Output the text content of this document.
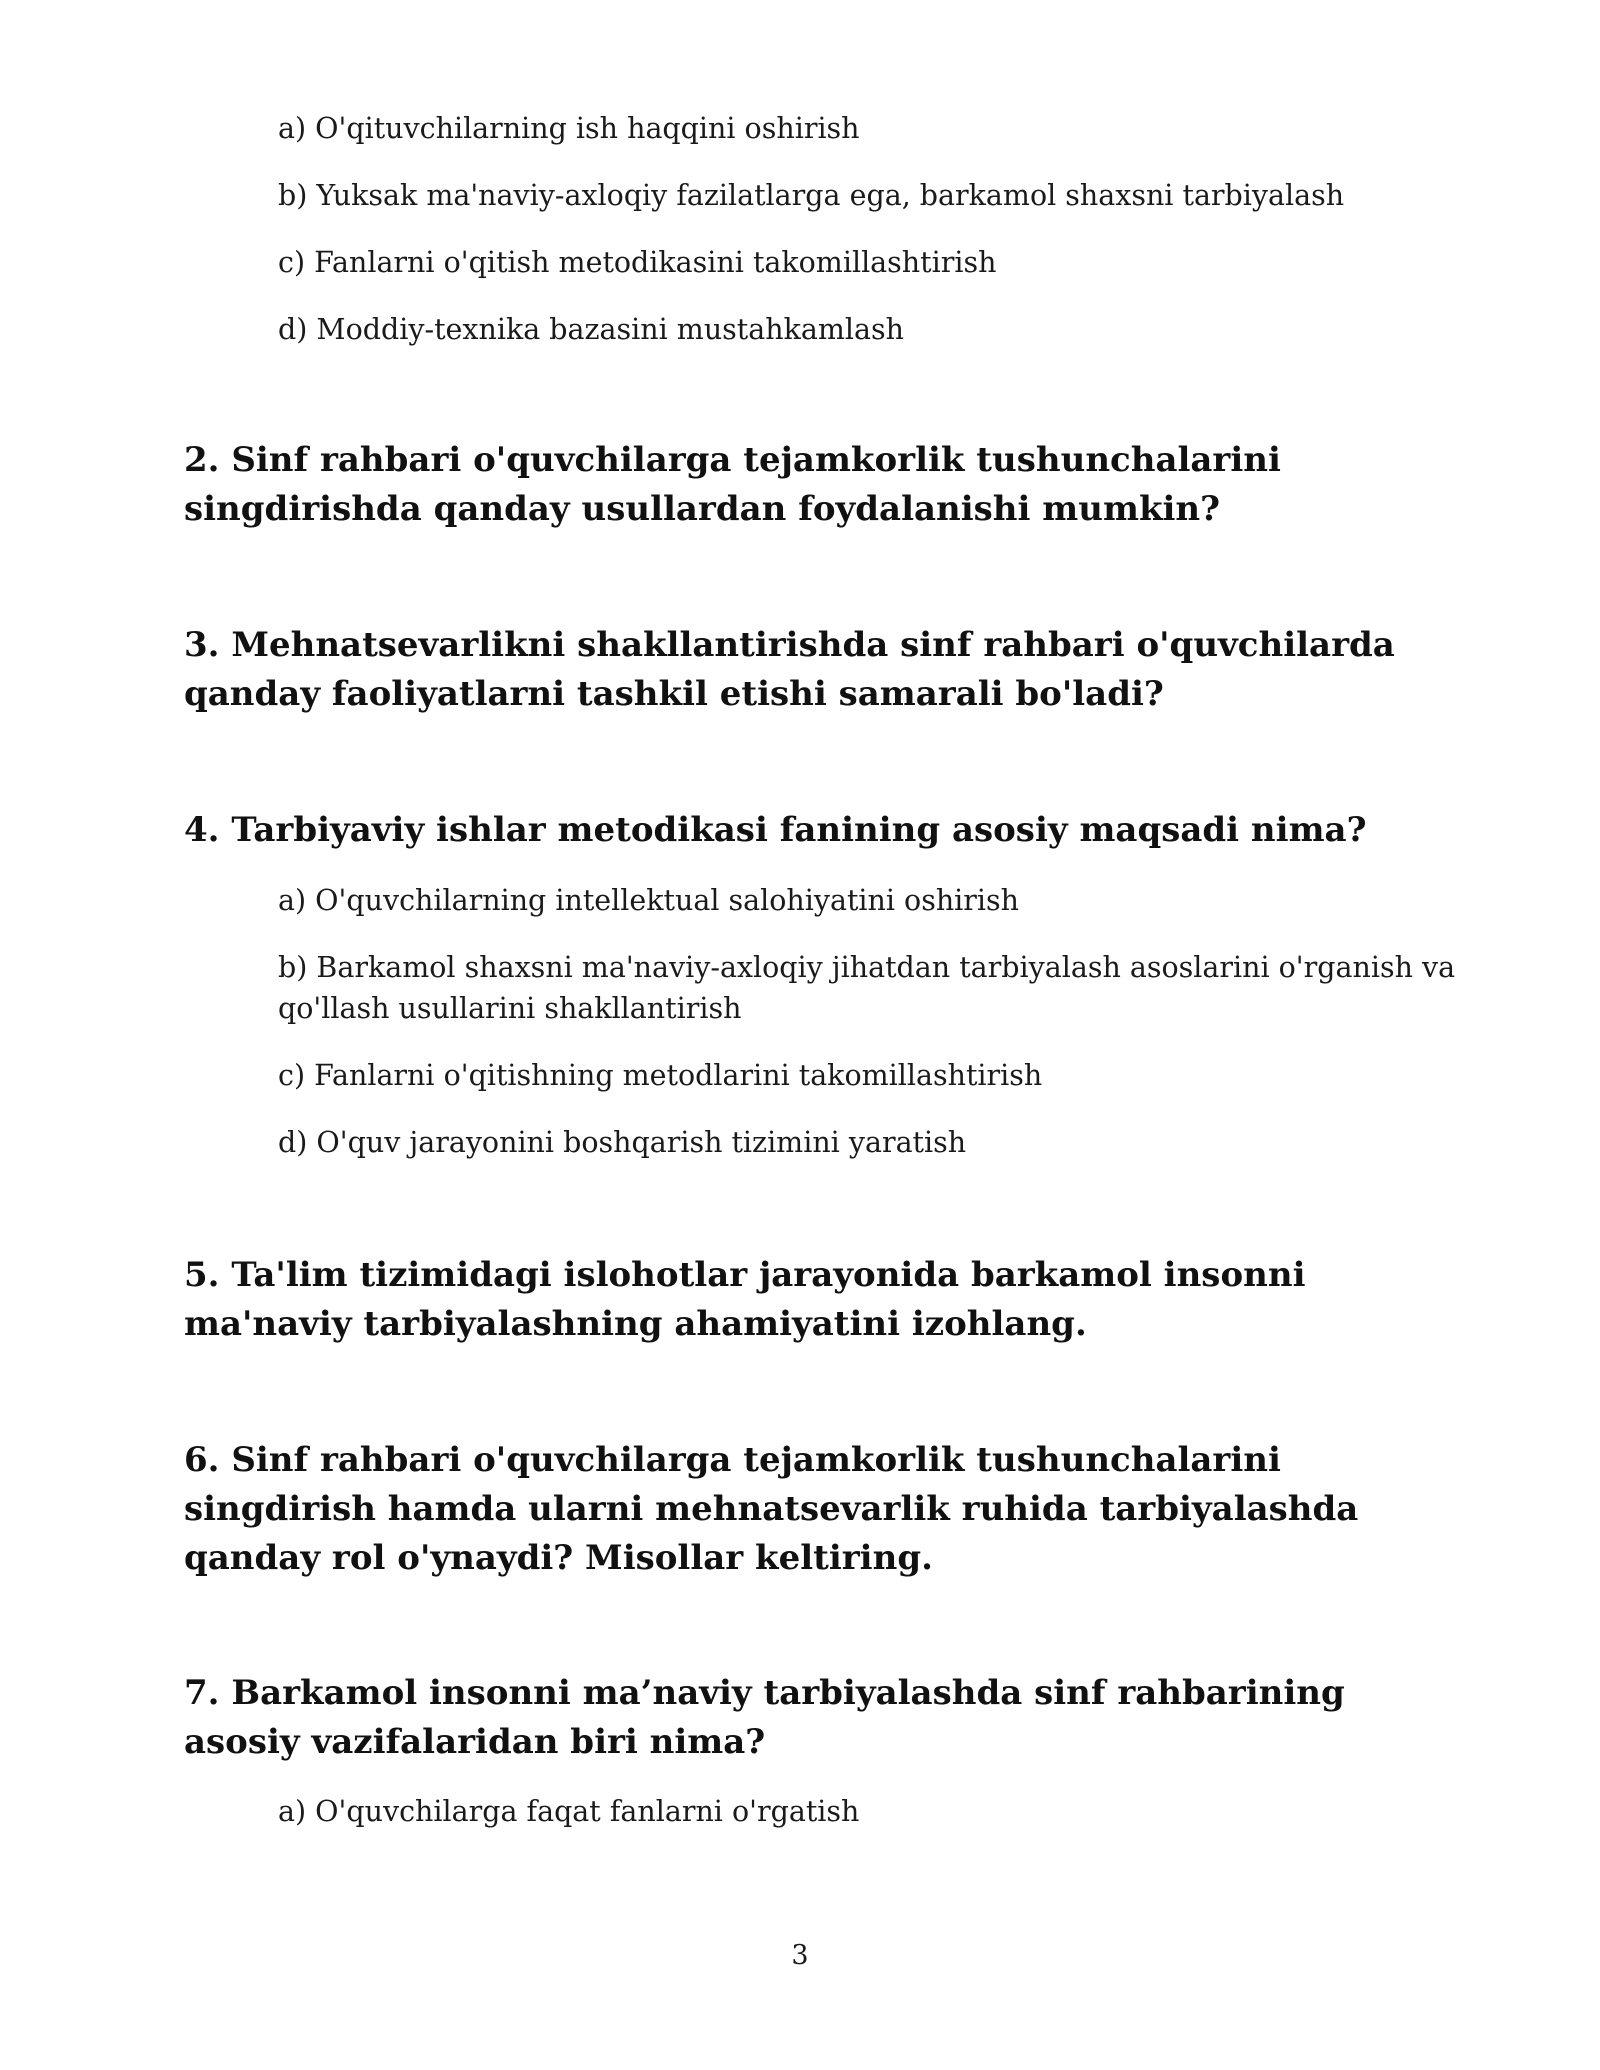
a) O'qituvchilarning ish haqqini oshirish
b) Yuksak ma'naviy-axloqiy fazilatlarga ega, barkamol shaxsni tarbiyalash
c) Fanlarni o'qitish metodikasini takomillashtirish
d) Moddiy-texnika bazasini mustahkamlash
2. Sinf rahbari o'quvchilarga tejamkorlik tushunchalarini singdirishda qanday usullardan foydalanishi mumkin?
3. Mehnatsevarlikni shakllantirishda sinf rahbari o'quvchilarda qanday faoliyatlarni tashkil etishi samarali bo'ladi?
4. Tarbiyaviy ishlar metodikasi fanining asosiy maqsadi nima?
a) O'quvchilarning intellektual salohiyatini oshirish
b) Barkamol shaxsni ma'naviy-axloqiy jihatdan tarbiyalash asoslarini o'rganish va qo'llash usullarini shakllantirish
c) Fanlarni o'qitishning metodlarini takomillashtirish
d) O'quv jarayonini boshqarish tizimini yaratish
5. Ta'lim tizimidagi islohotlar jarayonida barkamol insonni ma'naviy tarbiyalashning ahamiyatini izohlang.
6. Sinf rahbari o'quvchilarga tejamkorlik tushunchalarini singdirish hamda ularni mehnatsevarlik ruhida tarbiyalashda qanday rol o'ynaydi? Misollar keltiring.
7. Barkamol insonni ma’naviy tarbiyalashda sinf rahbarining asosiy vazifalaridan biri nima?
a) O'quvchilarga faqat fanlarni o'rgatish
3
